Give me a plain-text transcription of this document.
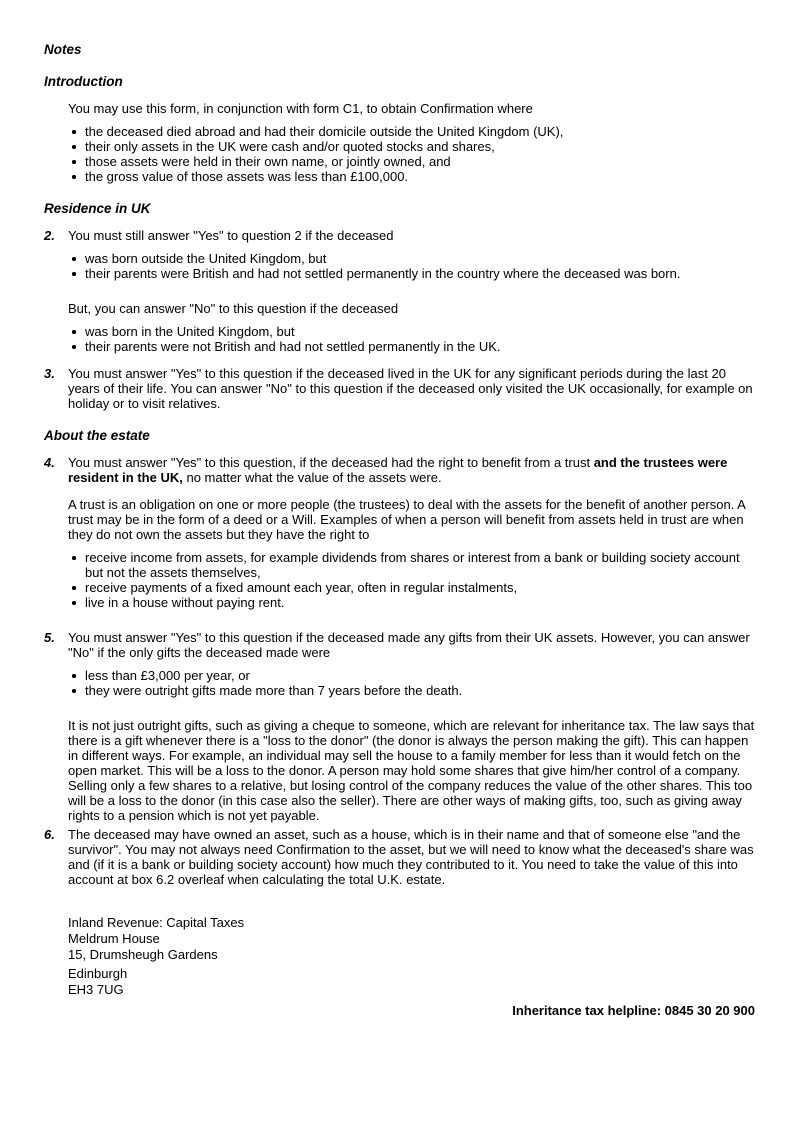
Notes
Introduction
You may use this form, in conjunction with form C1, to obtain Confirmation where
the deceased died abroad and had their domicile outside the United Kingdom (UK),
their only assets in the UK were cash and/or quoted stocks and shares,
those assets were held in their own name, or jointly owned, and
the gross value of those assets was less than £100,000.
Residence in UK
2. You must still answer "Yes" to question 2 if the deceased
was born outside the United Kingdom, but
their parents were British and had not settled permanently in the country where the deceased was born.
But, you can answer "No" to this question if the deceased
was born in the United Kingdom, but
their parents were not British and had not settled permanently in the UK.
3. You must answer "Yes" to this question if the deceased lived in the UK for any significant periods during the last 20 years of their life. You can answer "No" to this question if the deceased only visited the UK occasionally, for example on holiday or to visit relatives.
About the estate
4. You must answer "Yes" to this question, if the deceased had the right to benefit from a trust and the trustees were resident in the UK, no matter what the value of the assets were.
A trust is an obligation on one or more people (the trustees) to deal with the assets for the benefit of another person. A trust may be in the form of a deed or a Will. Examples of when a person will benefit from assets held in trust are when they do not own the assets but they have the right to
receive income from assets, for example dividends from shares or interest from a bank or building society account but not the assets themselves,
receive payments of a fixed amount each year, often in regular instalments,
live in a house without paying rent.
5. You must answer "Yes" to this question if the deceased made any gifts from their UK assets. However, you can answer "No" if the only gifts the deceased made were
less than £3,000 per year, or
they were outright gifts made more than 7 years before the death.
It is not just outright gifts, such as giving a cheque to someone, which are relevant for inheritance tax. The law says that there is a gift whenever there is a "loss to the donor" (the donor is always the person making the gift). This can happen in different ways. For example, an individual may sell the house to a family member for less than it would fetch on the open market. This will be a loss to the donor. A person may hold some shares that give him/her control of a company. Selling only a few shares to a relative, but losing control of the company reduces the value of the other shares. This too will be a loss to the donor (in this case also the seller). There are other ways of making gifts, too, such as giving away rights to a pension which is not yet payable.
6. The deceased may have owned an asset, such as a house, which is in their name and that of someone else "and the survivor". You may not always need Confirmation to the asset, but we will need to know what the deceased's share was and (if it is a bank or building society account) how much they contributed to it. You need to take the value of this into account at box 6.2 overleaf when calculating the total U.K. estate.
Inland Revenue: Capital Taxes
Meldrum House
15, Drumsheugh Gardens
Edinburgh
EH3 7UG
Inheritance tax helpline: 0845 30 20 900
